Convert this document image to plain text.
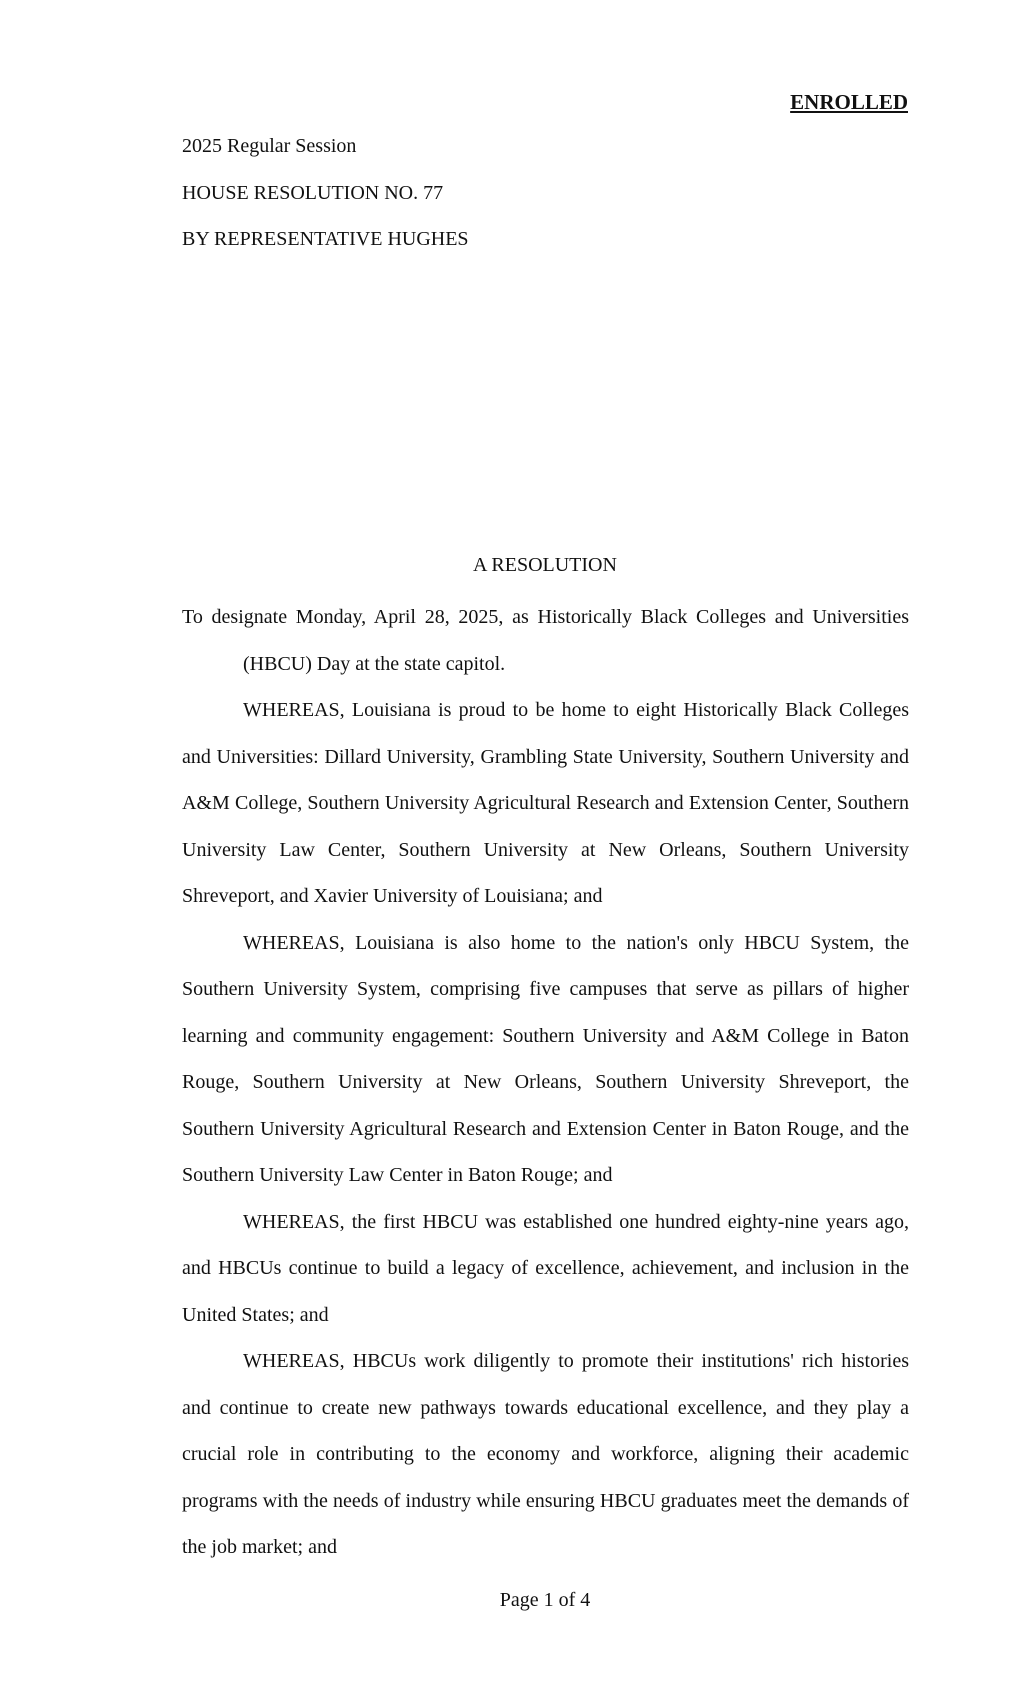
ENROLLED
2025 Regular Session
HOUSE RESOLUTION NO. 77
BY REPRESENTATIVE HUGHES
A RESOLUTION

To designate Monday, April 28, 2025, as Historically Black Colleges and Universities (HBCU) Day at the state capitol.

WHEREAS, Louisiana is proud to be home to eight Historically Black Colleges and Universities: Dillard University, Grambling State University, Southern University and A&M College, Southern University Agricultural Research and Extension Center, Southern University Law Center, Southern University at New Orleans, Southern University Shreveport, and Xavier University of Louisiana; and

WHEREAS, Louisiana is also home to the nation's only HBCU System, the Southern University System, comprising five campuses that serve as pillars of higher learning and community engagement: Southern University and A&M College in Baton Rouge, Southern University at New Orleans, Southern University Shreveport, the Southern University Agricultural Research and Extension Center in Baton Rouge, and the Southern University Law Center in Baton Rouge; and

WHEREAS, the first HBCU was established one hundred eighty-nine years ago, and HBCUs continue to build a legacy of excellence, achievement, and inclusion in the United States; and

WHEREAS, HBCUs work diligently to promote their institutions' rich histories and continue to create new pathways towards educational excellence, and they play a crucial role in contributing to the economy and workforce, aligning their academic programs with the needs of industry while ensuring HBCU graduates meet the demands of the job market; and

Page 1 of 4
